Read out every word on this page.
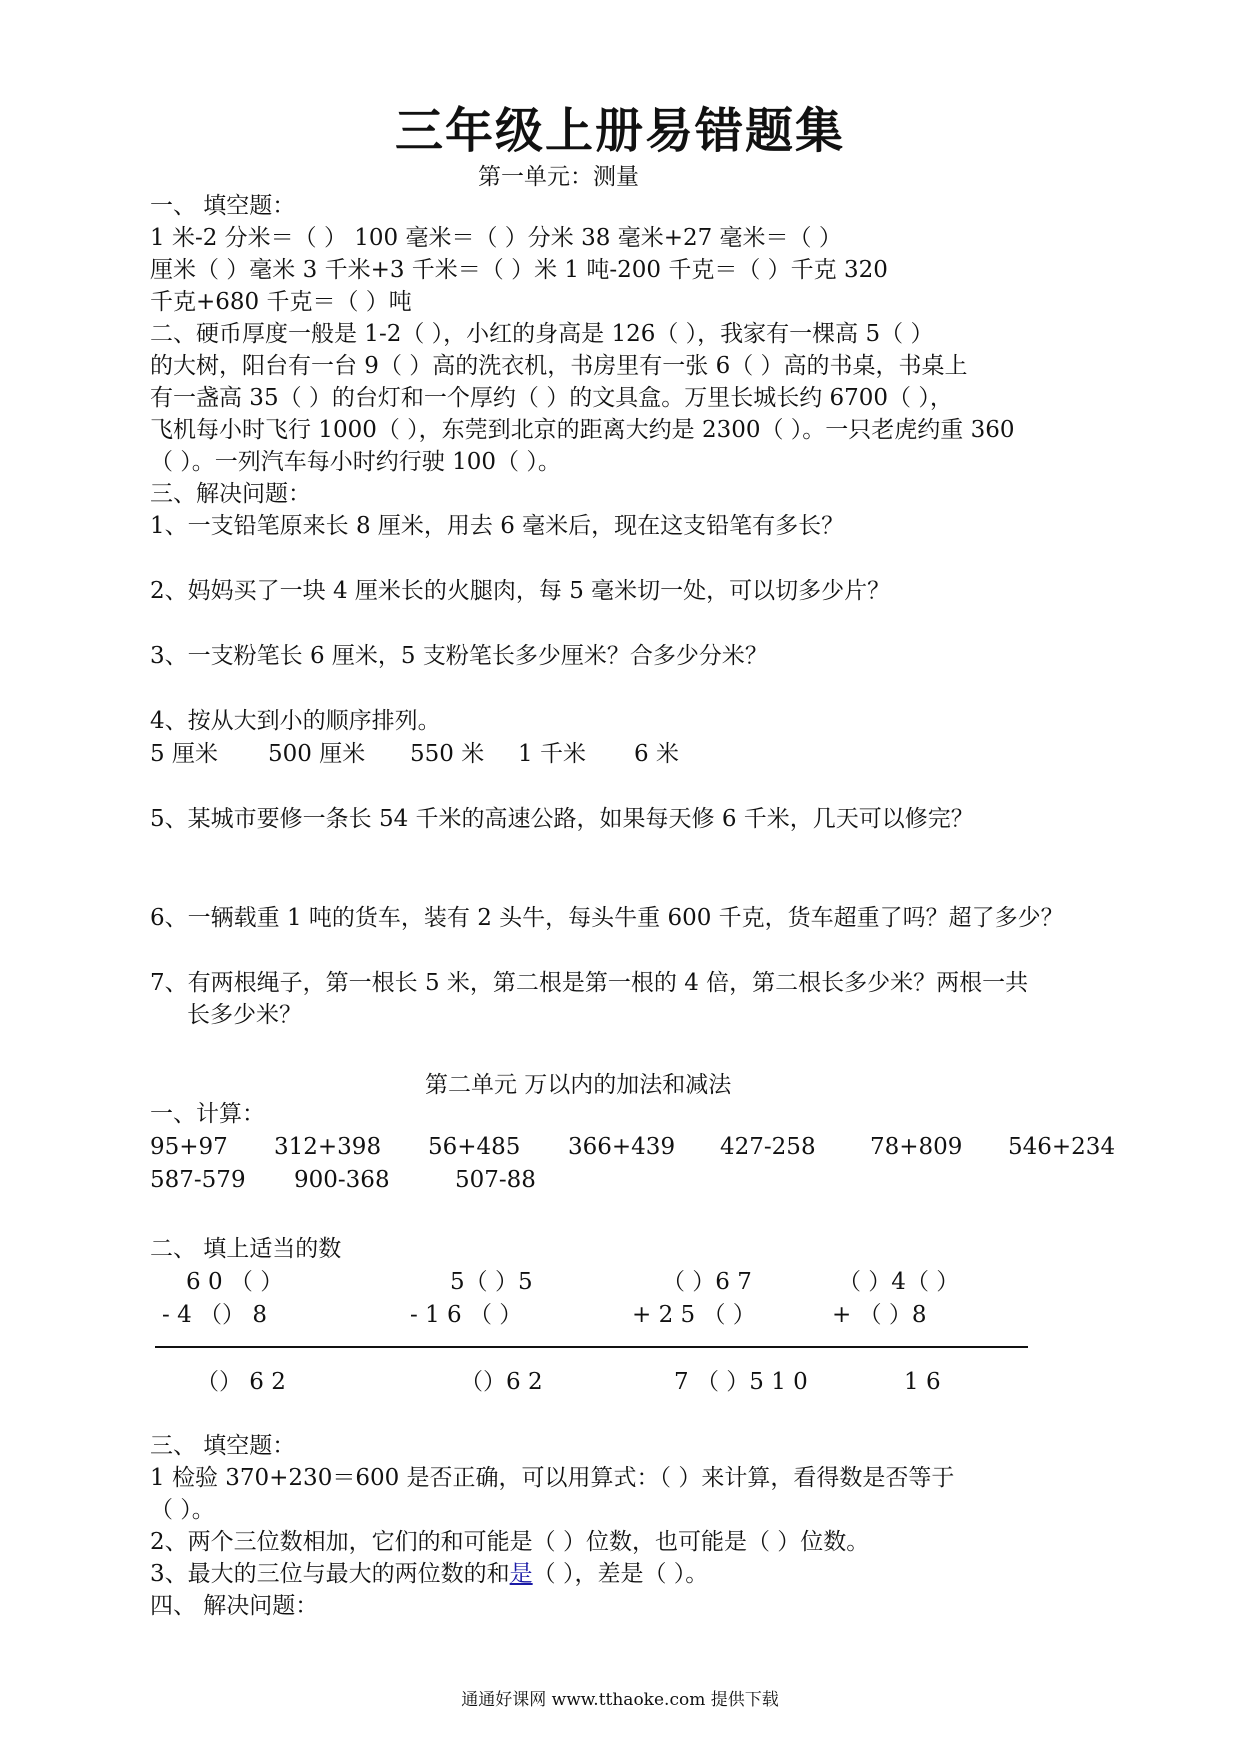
三年级上册易错题集
第一单元：测量
一、 填空题：
1 米-2 分米＝（ ） 100 毫米＝（ ）分米 38 毫米+27 毫米＝（ ）
厘米（ ）毫米 3 千米+3 千米＝（ ）米 1 吨-200 千克＝（ ）千克 320
千克+680 千克＝（ ）吨
二、硬币厚度一般是 1-2（ ），小红的身高是 126（ ），我家有一棵高 5（ ）
的大树，阳台有一台 9（ ）高的洗衣机，书房里有一张 6（ ）高的书桌，书桌上
有一盏高 35（ ）的台灯和一个厚约（ ）的文具盒。万里长城长约 6700（ ），
飞机每小时飞行 1000（ ），东莞到北京的距离大约是 2300（ ）。一只老虎约重 360
（ ）。一列汽车每小时约行驶 100（ ）。
三、解决问题：
1、一支铅笔原来长 8 厘米，用去 6 毫米后，现在这支铅笔有多长？
2、妈妈买了一块 4 厘米长的火腿肉，每 5 毫米切一处，可以切多少片？
3、一支粉笔长 6 厘米，5 支粉笔长多少厘米？合多少分米？
4、按从大到小的顺序排列。
5 厘米 500 厘米 550 米 1 千米 6 米
5、某城市要修一条长 54 千米的高速公路，如果每天修 6 千米，几天可以修完？
6、一辆载重 1 吨的货车，装有 2 头牛，每头牛重 600 千克，货车超重了吗？超了多少？
7、有两根绳子，第一根长 5 米，第二根是第一根的 4 倍，第二根长多少米？两根一共
长多少米？
第二单元 万以内的加法和减法
一、计算：
95+97 312+398 56+485 366+439 427-258 78+809 546+234
587-579 900-368	507-88
二、 填上适当的数
6 0 （ ）	5（ ）5	（ ）6 7	（ ）4（ ）
- 4 （） 8	- 1 6 （ ）	+ 2 5 （ ）	+ （ ）8
（） 6 2	（）6 2	7 （ ）5 1 0	1 6
三、 填空题：
1 检验 370+230＝600 是否正确，可以用算式：（ ）来计算，看得数是否等于
（ ）。
2、两个三位数相加，它们的和可能是（ ）位数，也可能是（ ）位数。
3、最大的三位与最大的两位数的和是（ ），差是（ ）。
四、 解决问题：
通通好课网 www.tthaoke.com 提供下载
